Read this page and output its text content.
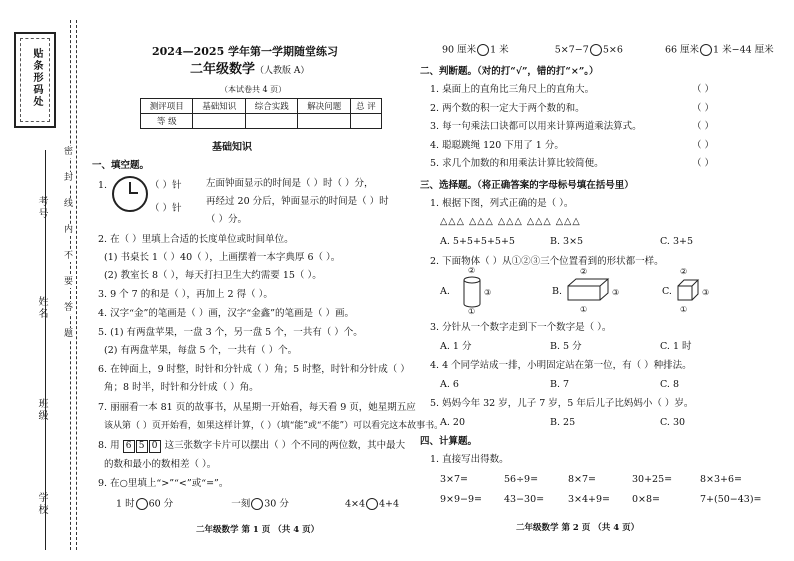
贴条形码处
密
封
线
内
不
要
答
题
考号
姓名
班级
学校
2024—2025 学年第一学期随堂练习
二年级数学（人教版 A）
（本试卷共 4 页）
测评项目	基础知识	综合实践	解决问题	总 评
等 级				
基础知识
一、填空题。
1.	（ ）针
（ ）针
左面钟面显示的时间是（ ）时（ ）分，
再经过 20 分后，钟面显示的时间是（ ）时
（ ）分。
2. 在（ ）里填上合适的长度单位或时间单位。
(1) 书桌长 1（ ）40（ ），上画摆着一本字典厚 6（ ）。
(2) 教室长 8（ ），每天打扫卫生大约需要 15（ ）。
3. 9 个 7 的和是（ ），再加上 2 得（ ）。
4. 汉字“金”的笔画是（ ）画，汉字“金鑫”的笔画是（ ）画。
5. (1) 有两盘苹果，一盘 3 个，另一盘 5 个，一共有（ ）个。
(2) 有两盘苹果，每盘 5 个，一共有（ ）个。
6. 在钟面上，9 时整，时针和分针成（ ）角；5 时整，时针和分针成（ ）
角；8 时半，时针和分针成（ ）角。
7. 丽丽看一本 81 页的故事书，从星期一开始看，每天看 9 页，她星期五应
该从第（ ）页开始看，如果这样计算，（ ）（填“能”或“不能”）可以看完这本故事书。
8. 用 6 5 0 这三张数字卡片可以摆出（ ）个不同的两位数，其中最大
的数和最小的数相差（ ）。
9. 在○里填上“>”“<”或“=”。
1 时 60 分	一刻 30 分	4×4 4+4
二年级数学 第 1 页 （共 4 页）
90 厘米 1 米	5×7−7 5×6	66 厘米 1 米−44 厘米
二、判断题。（对的打“√”，错的打“×”。）
1. 桌面上的直角比三角尺上的直角大。	（ ）
2. 两个数的积一定大于两个数的和。	（ ）
3. 每一句乘法口诀都可以用来计算两道乘法算式。	（ ）
4. 聪聪跳绳 120 下用了 1 分。	（ ）
5. 求几个加数的和用乘法计算比较简便。	（ ）
三、选择题。（将正确答案的字母标号填在括号里）
1. 根据下图，列式正确的是（ ）。
△△△ △△△ △△△ △△△ △△△
A. 5+5+5+5+5	B. 3×5	C. 3+5
2. 下面物体（ ）从①②③三个位置看到的形状都一样。
A.
②
③
①
B.
②
③
①
C.
②
③
①
3. 分针从一个数字走到下一个数字是（ ）。
A. 1 分	B. 5 分	C. 1 时
4. 4 个同学站成一排，小明固定站在第一位，有（ ）种排法。
A. 6	B. 7	C. 8
5. 妈妈今年 32 岁，儿子 7 岁，5 年后儿子比妈妈小（ ）岁。
A. 20	B. 25	C. 30
四、计算题。
1. 直接写出得数。
3×7=	56÷9=	8×7=	30+25=	8×3+6=
9×9−9= 43−30=	3×4+9= 0×8=	7+(50−43)=
二年级数学 第 2 页 （共 4 页）
